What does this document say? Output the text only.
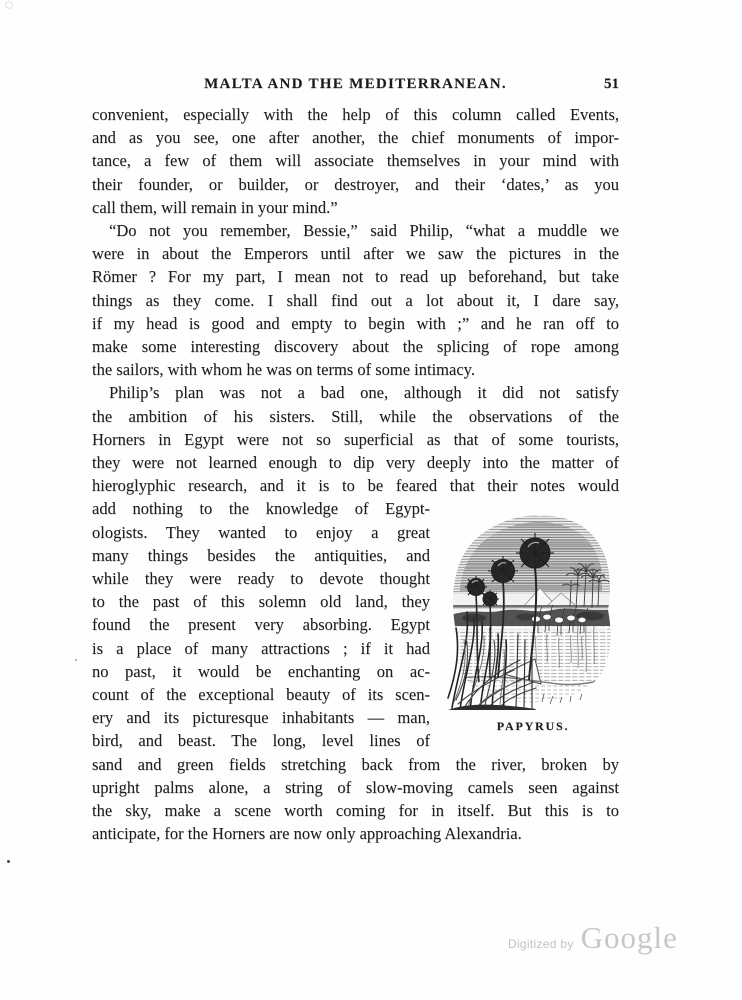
MALTA AND THE MEDITERRANEAN.	51
convenient, especially with the help of this column called Events,
and as you see, one after another, the chief monuments of impor-
tance, a few of them will associate themselves in your mind with
their founder, or builder, or destroyer, and their ‘dates,’ as you
call them, will remain in your mind.”
“Do not you remember, Bessie,” said Philip, “what a muddle we
were in about the Emperors until after we saw the pictures in the
Römer ? For my part, I mean not to read up beforehand, but take
things as they come. I shall find out a lot about it, I dare say,
if my head is good and empty to begin with ;” and he ran off to
make some interesting discovery about the splicing of rope among
the sailors, with whom he was on terms of some intimacy.
Philip’s plan was not a bad one, although it did not satisfy
the ambition of his sisters. Still, while the observations of the
Horners in Egypt were not so superficial as that of some tourists,
they were not learned enough to dip very deeply into the matter of
hieroglyphic research, and it is to be feared that their notes would
add nothing to the knowledge of Egypt-
ologists. They wanted to enjoy a great
many things besides the antiquities, and
while they were ready to devote thought
to the past of this solemn old land, they
found the present very absorbing. Egypt
is a place of many attractions ; if it had
no past, it would be enchanting on ac-
count of the exceptional beauty of its scen-
ery and its picturesque inhabitants — man,
bird, and beast. The long, level lines of
sand and green fields stretching back from the river, broken by
upright palms alone, a string of slow-moving camels seen against
the sky, make a scene worth coming for in itself. But this is to
anticipate, for the Horners are now only approaching Alexandria.
PAPYRUS.
Digitized by Google
